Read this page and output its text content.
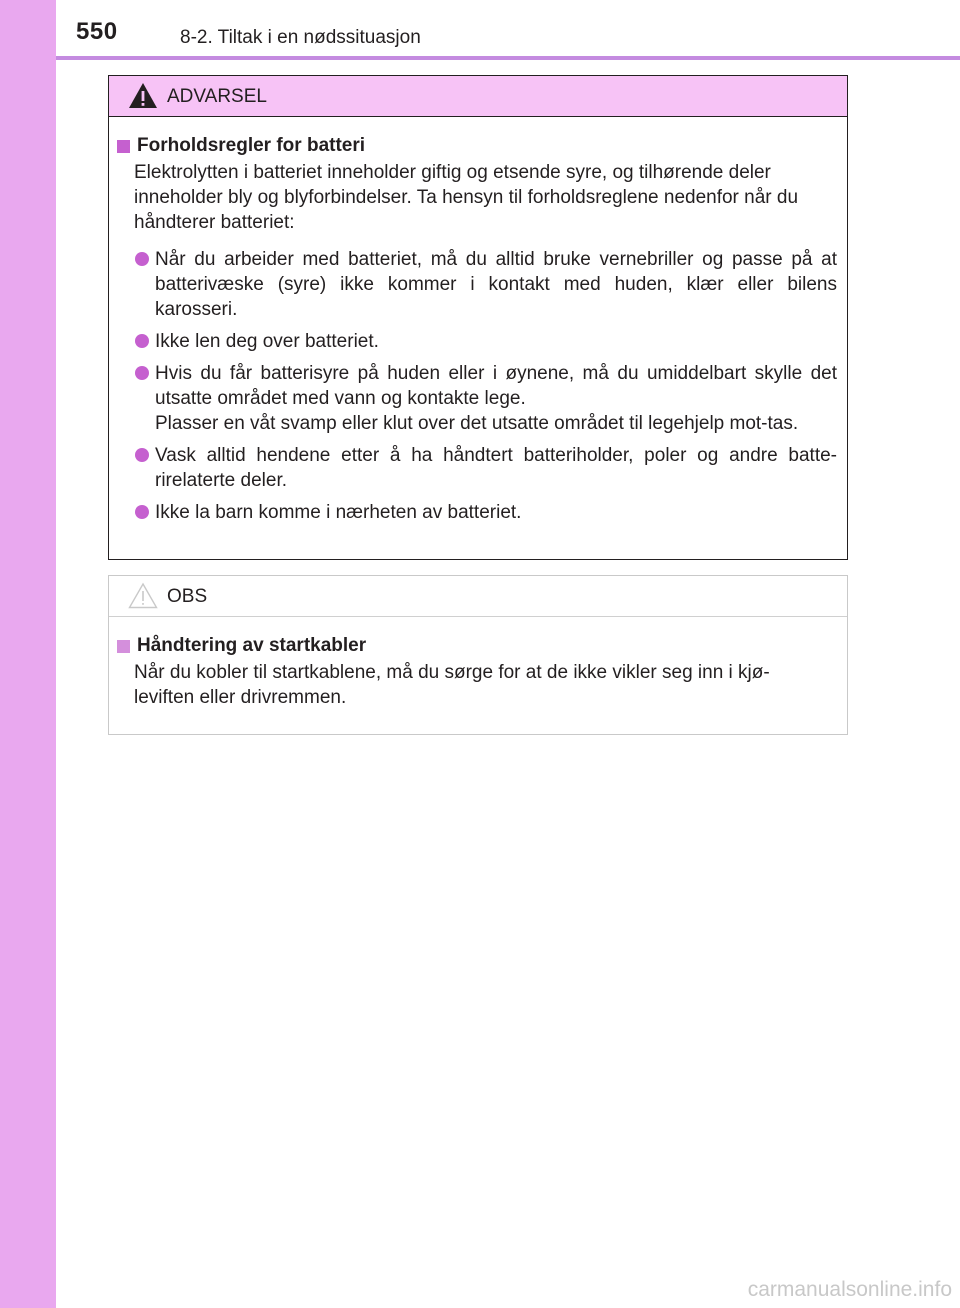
550	8-2. Tiltak i en nødssituasjon
ADVARSEL
Forholdsregler for batteri
Elektrolytten i batteriet inneholder giftig og etsende syre, og tilhørende deler inneholder bly og blyforbindelser. Ta hensyn til forholdsreglene nedenfor når du håndterer batteriet:
Når du arbeider med batteriet, må du alltid bruke vernebriller og passe på at batterivæske (syre) ikke kommer i kontakt med huden, klær eller bilens karosseri.
Ikke len deg over batteriet.
Hvis du får batterisyre på huden eller i øynene, må du umiddelbart skylle det utsatte området med vann og kontakte lege.
Plasser en våt svamp eller klut over det utsatte området til legehjelp mot-tas.
Vask alltid hendene etter å ha håndtert batteriholder, poler og andre batte-rirelaterte deler.
Ikke la barn komme i nærheten av batteriet.
OBS
Håndtering av startkabler
Når du kobler til startkablene, må du sørge for at de ikke vikler seg inn i kjø-leviften eller drivremmen.
carmanualsonline.info
